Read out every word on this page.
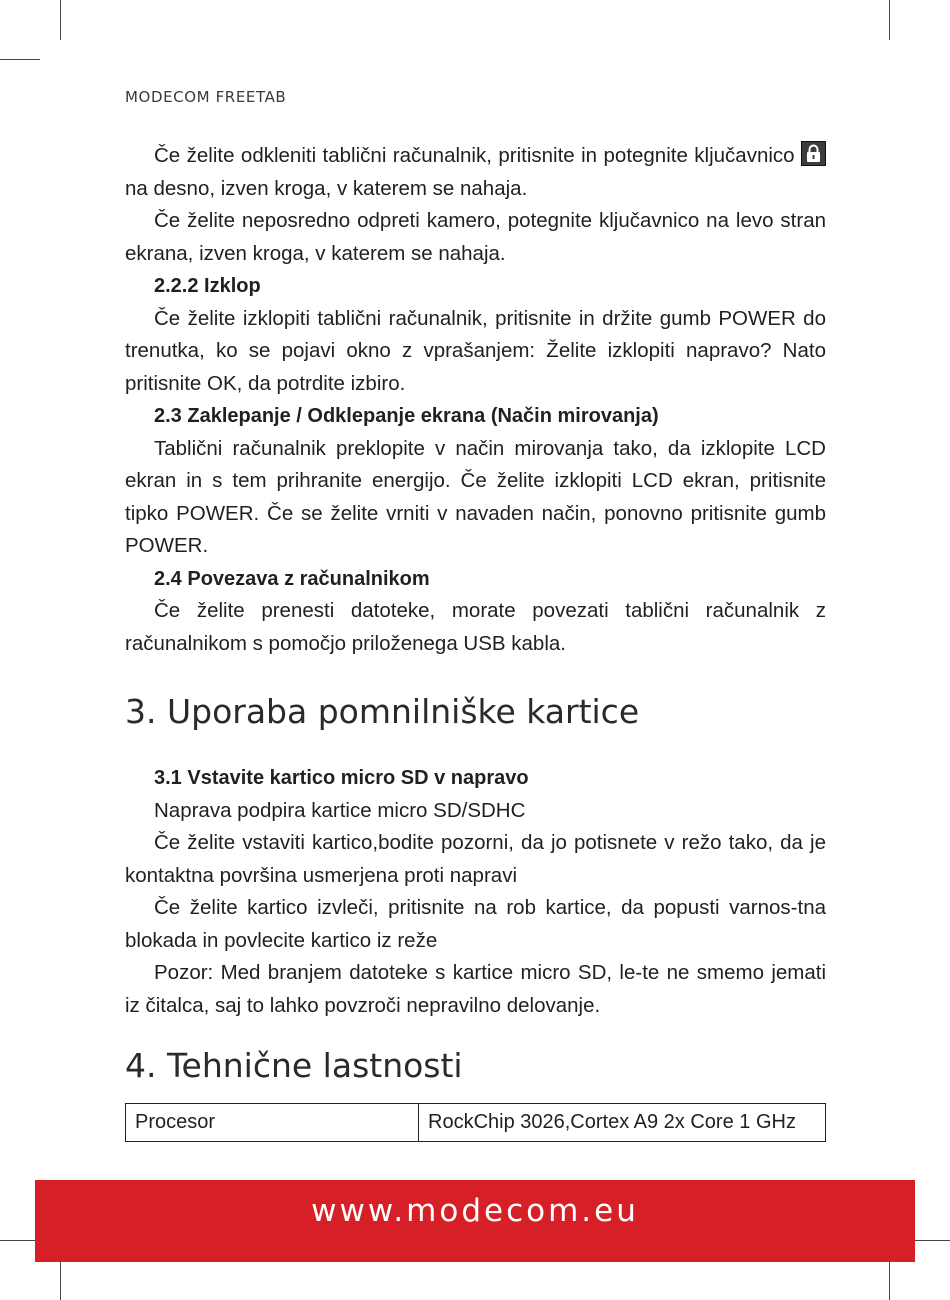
MODECOM FREETAB

Če želite odkleniti tablični računalnik, pritisnite in potegnite ključavnico
na desno, izven kroga, v katerem se nahaja.

Če želite neposredno odpreti kamero, potegnite ključavnico na levo stran ekrana, izven kroga, v katerem se nahaja.

2.2.2 Izklop

Če želite izklopiti tablični računalnik, pritisnite in držite gumb POWER do trenutka, ko se pojavi okno z vprašanjem: Želite izklopiti napravo? Nato pritisnite OK, da potrdite izbiro.

2.3 Zaklepanje / Odklepanje ekrana (Način mirovanja)

Tablični računalnik preklopite v način mirovanja tako, da izklopite LCD ekran in s tem prihranite energijo. Če želite izklopiti LCD ekran, pritisnite tipko POWER. Če se želite vrniti v navaden način, ponovno pritisnite gumb POWER.

2.4 Povezava z računalnikom

Če želite prenesti datoteke, morate povezati tablični računalnik z računalnikom s pomočjo priloženega USB kabla.

3. Uporaba pomnilniške kartice

3.1 Vstavite kartico micro SD v napravo

Naprava podpira kartice micro SD/SDHC

Če želite vstaviti kartico,bodite pozorni, da jo potisnete v režo tako, da je kontaktna površina usmerjena proti napravi

Če želite kartico izvleči, pritisnite na rob kartice, da popusti varnos-tna blokada in povlecite kartico iz reže

Pozor: Med branjem datoteke s kartice micro SD, le-te ne smemo jemati iz čitalca, saj to lahko povzroči nepravilno delovanje.

4. Tehnične lastnosti
Procesor	RockChip 3026,Cortex A9 2x Core 1 GHz
www.modecom.eu
